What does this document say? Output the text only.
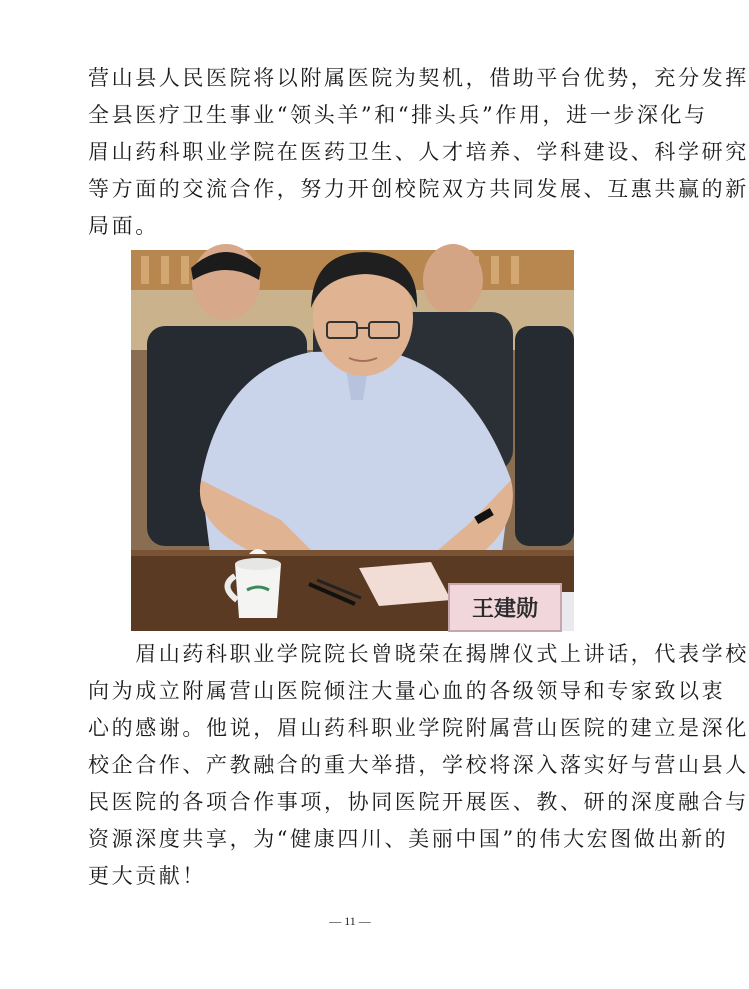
营山县人民医院将以附属医院为契机，借助平台优势，充分发挥
全县医疗卫生事业“领头羊”和“排头兵”作用，进一步深化与
眉山药科职业学院在医药卫生、人才培养、学科建设、科学研究
等方面的交流合作，努力开创校院双方共同发展、互惠共赢的新
局面。

王建勋

　　眉山药科职业学院院长曾晓荣在揭牌仪式上讲话，代表学校
向为成立附属营山医院倾注大量心血的各级领导和专家致以衷
心的感谢。他说，眉山药科职业学院附属营山医院的建立是深化
校企合作、产教融合的重大举措，学校将深入落实好与营山县人
民医院的各项合作事项，协同医院开展医、教、研的深度融合与
资源深度共享，为“健康四川、美丽中国”的伟大宏图做出新的
更大贡献！

— 11 —
